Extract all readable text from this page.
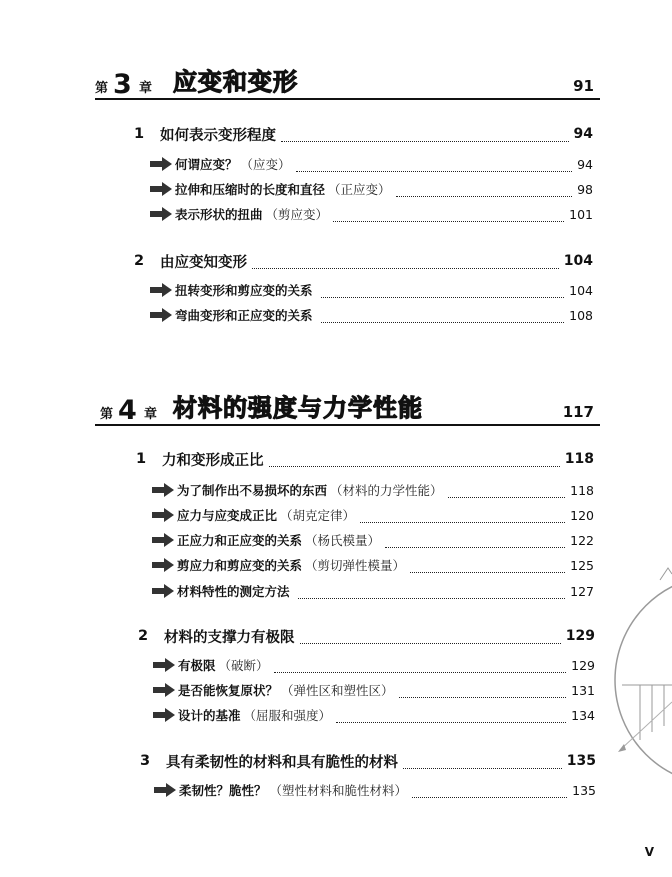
第 3 章 应变和变形	91
1	如何表示变形程度	94
何谓应变？ （应变）	94
拉伸和压缩时的长度和直径 （正应变）	98
表示形状的扭曲 （剪应变）	101
2	由应变知变形	104
扭转变形和剪应变的关系	104
弯曲变形和正应变的关系	108
第 4 章 材料的强度与力学性能	117
1	力和变形成正比	118
为了制作出不易损坏的东西 （材料的力学性能）	118
应力与应变成正比 （胡克定律）	120
正应力和正应变的关系 （杨氏模量）	122
剪应力和剪应变的关系 （剪切弹性模量）	125
材料特性的测定方法	127
2	材料的支撑力有极限	129
有极限 （破断）	129
是否能恢复原状？ （弹性区和塑性区）	131
设计的基准 （屈服和强度）	134
3	具有柔韧性的材料和具有脆性的材料	135
柔韧性？脆性？ （塑性材料和脆性材料）	135
V
